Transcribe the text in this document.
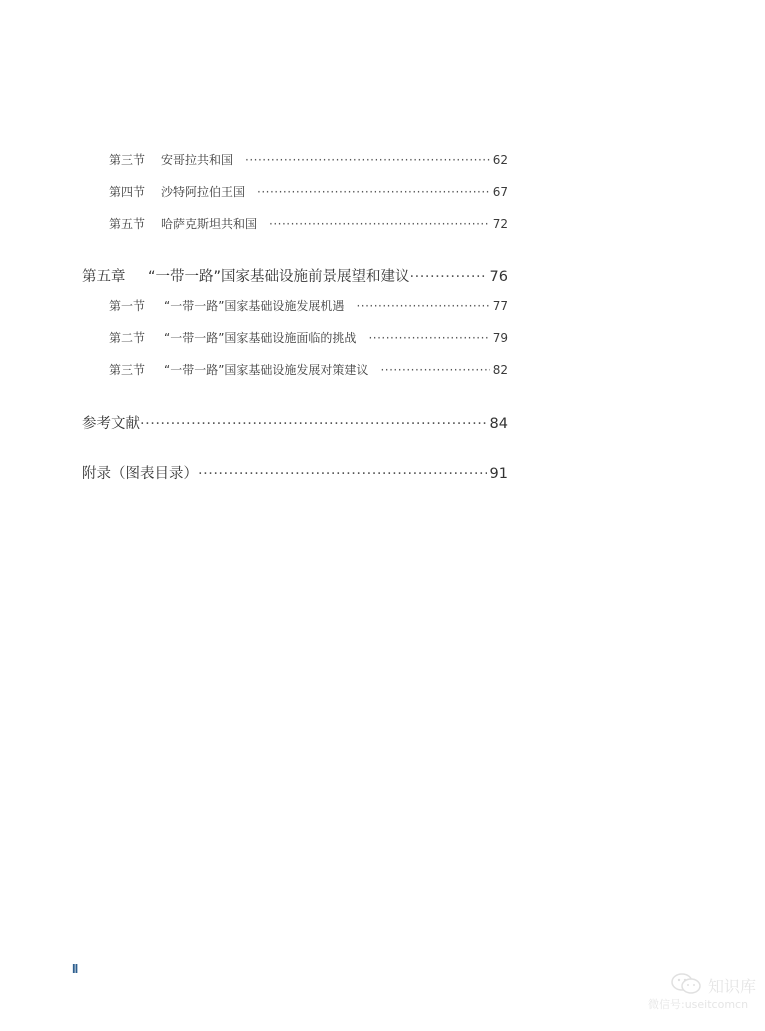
第三节	安哥拉共和国 ·····	62
第四节	沙特阿拉伯王国 ·····	67
第五节	哈萨克斯坦共和国 ·····	72
第五章	“一带一路”国家基础设施前景展望和建议 ·····	76
第一节	“一带一路”国家基础设施发展机遇 ·····	77
第二节	“一带一路”国家基础设施面临的挑战 ·····	79
第三节	“一带一路”国家基础设施发展对策建议 ·····	82
参考文献 ·····	84
附录（图表目录） ·····	91
II
知识库
微信号:useitcomcn
